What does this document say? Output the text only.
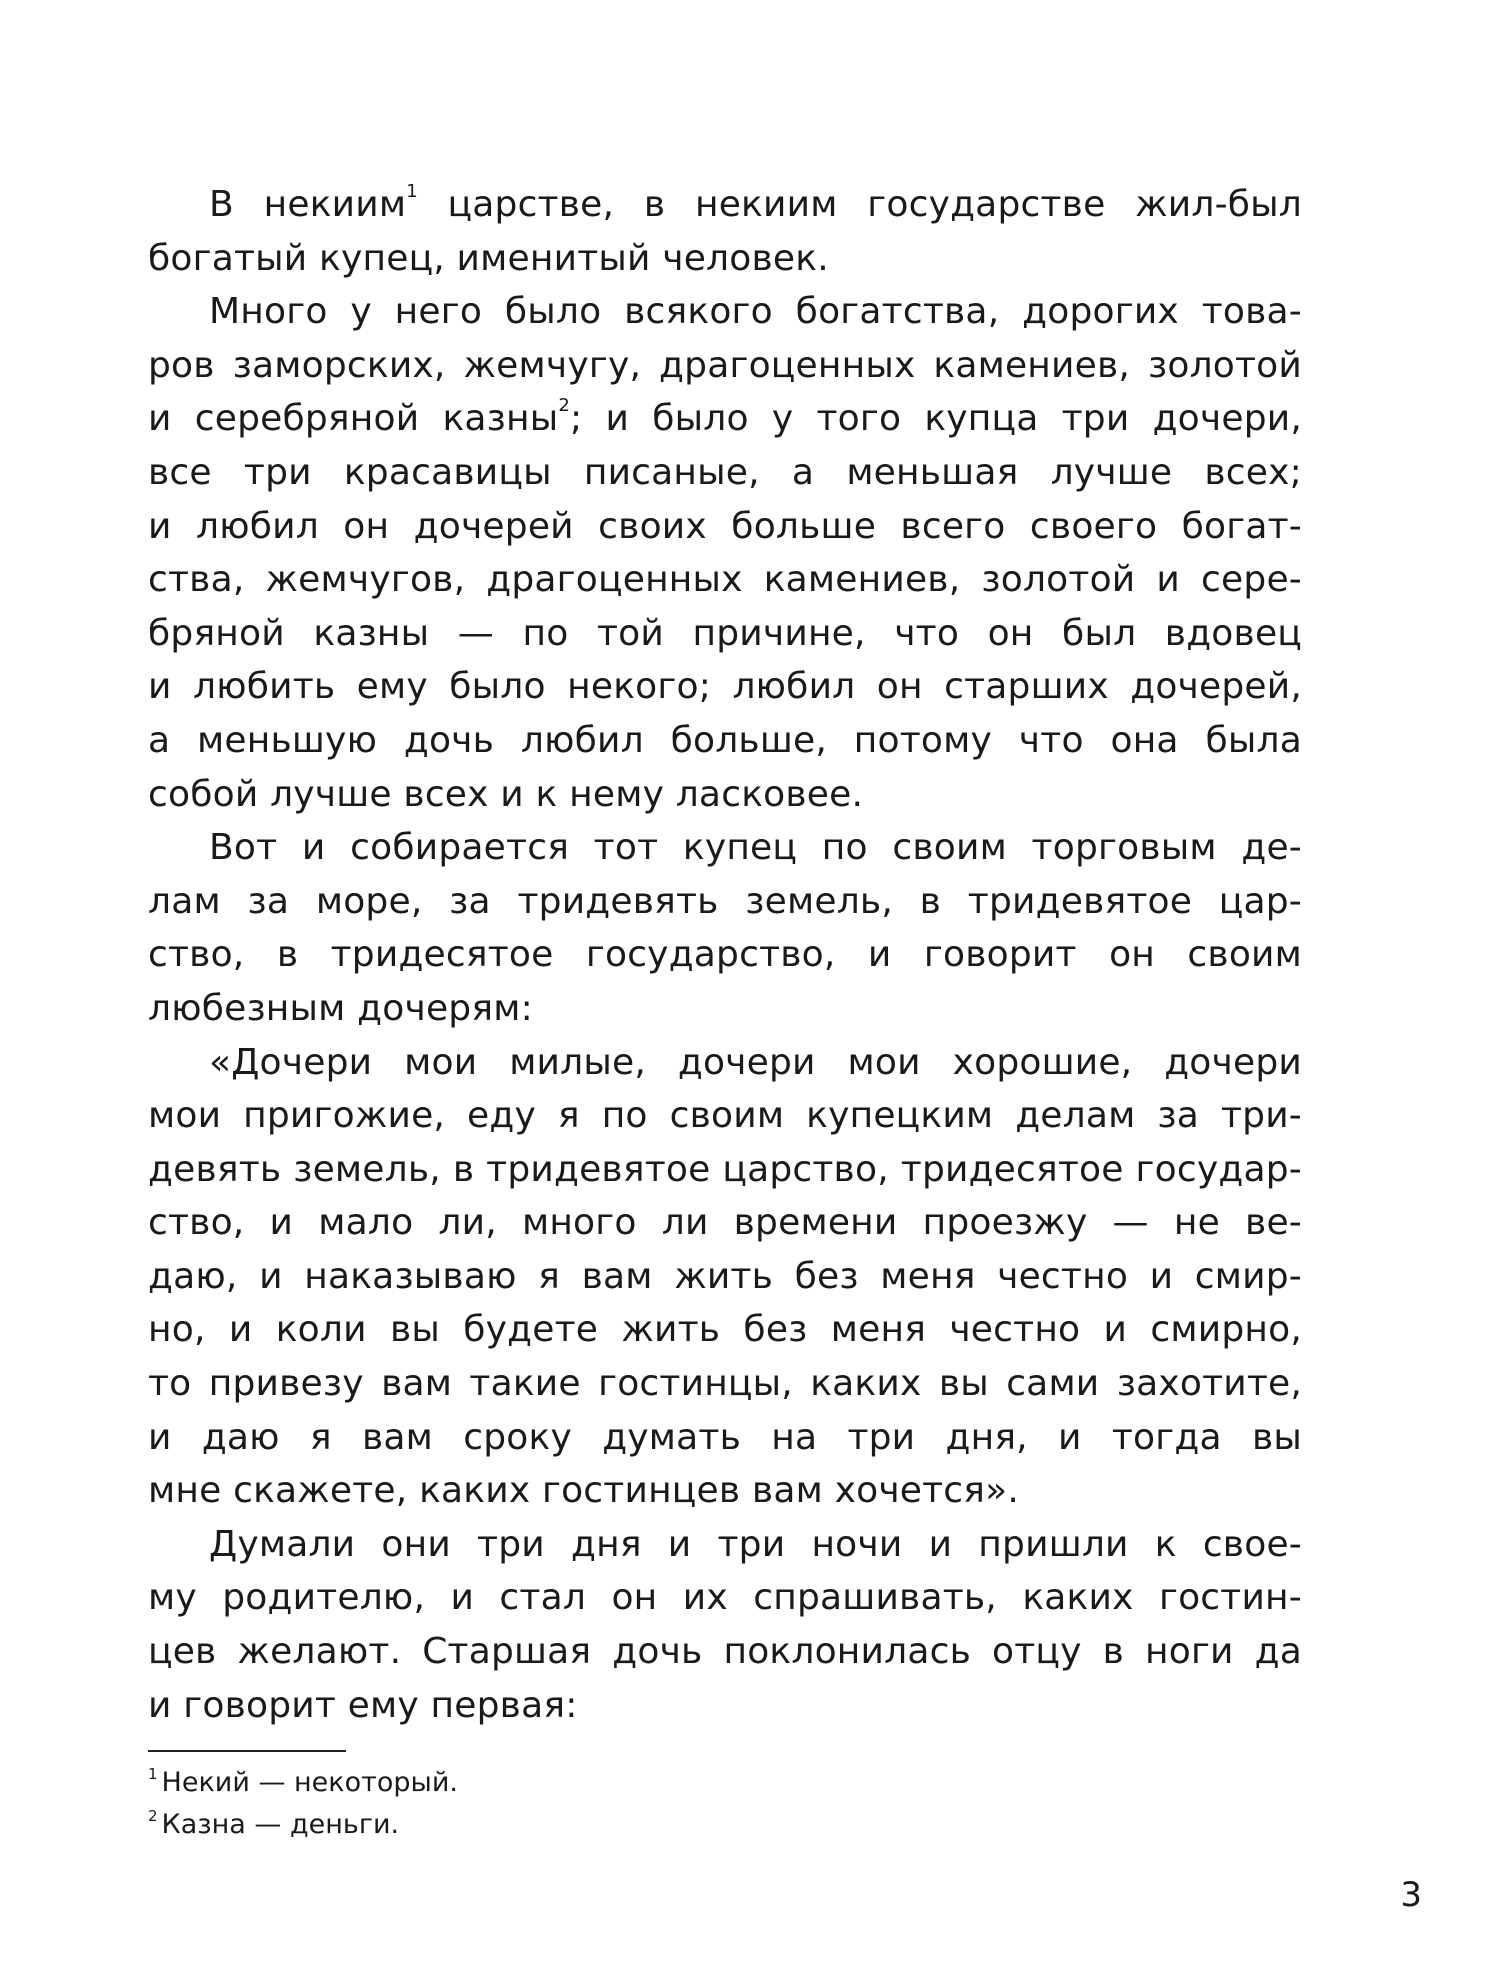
В некиим$^1$ царстве, в некиим государстве жил-был
богатый купец, именитый человек.
Много у него было всякого богатства, дорогих това-
ров заморских, жемчугу, драгоценных камениев, золотой
и серебряной казны$^2$; и было у того купца три дочери,
все три красавицы писаные, а меньшая лучше всех;
и любил он дочерей своих больше всего своего богат-
ства, жемчугов, драгоценных камениев, золотой и сере-
бряной казны — по той причине, что он был вдовец
и любить ему было некого; любил он старших дочерей,
а меньшую дочь любил больше, потому что она была
собой лучше всех и к нему ласковее.
Вот и собирается тот купец по своим торговым де-
лам за море, за тридевять земель, в тридевятое цар-
ство, в тридесятое государство, и говорит он своим
любезным дочерям:
«Дочери мои милые, дочери мои хорошие, дочери
мои пригожие, еду я по своим купецким делам за три-
девять земель, в тридевятое царство, тридесятое государ-
ство, и мало ли, много ли времени проезжу — не ве-
даю, и наказываю я вам жить без меня честно и смир-
но, и коли вы будете жить без меня честно и смирно,
то привезу вам такие гостинцы, каких вы сами захотите,
и даю я вам сроку думать на три дня, и тогда вы
мне скажете, каких гостинцев вам хочется».
Думали они три дня и три ночи и пришли к свое-
му родителю, и стал он их спрашивать, каких гостин-
цев желают. Старшая дочь поклонилась отцу в ноги да
и говорит ему первая:
$^1$ Некий — некоторый.
$^2$ Казна — деньги.
3
